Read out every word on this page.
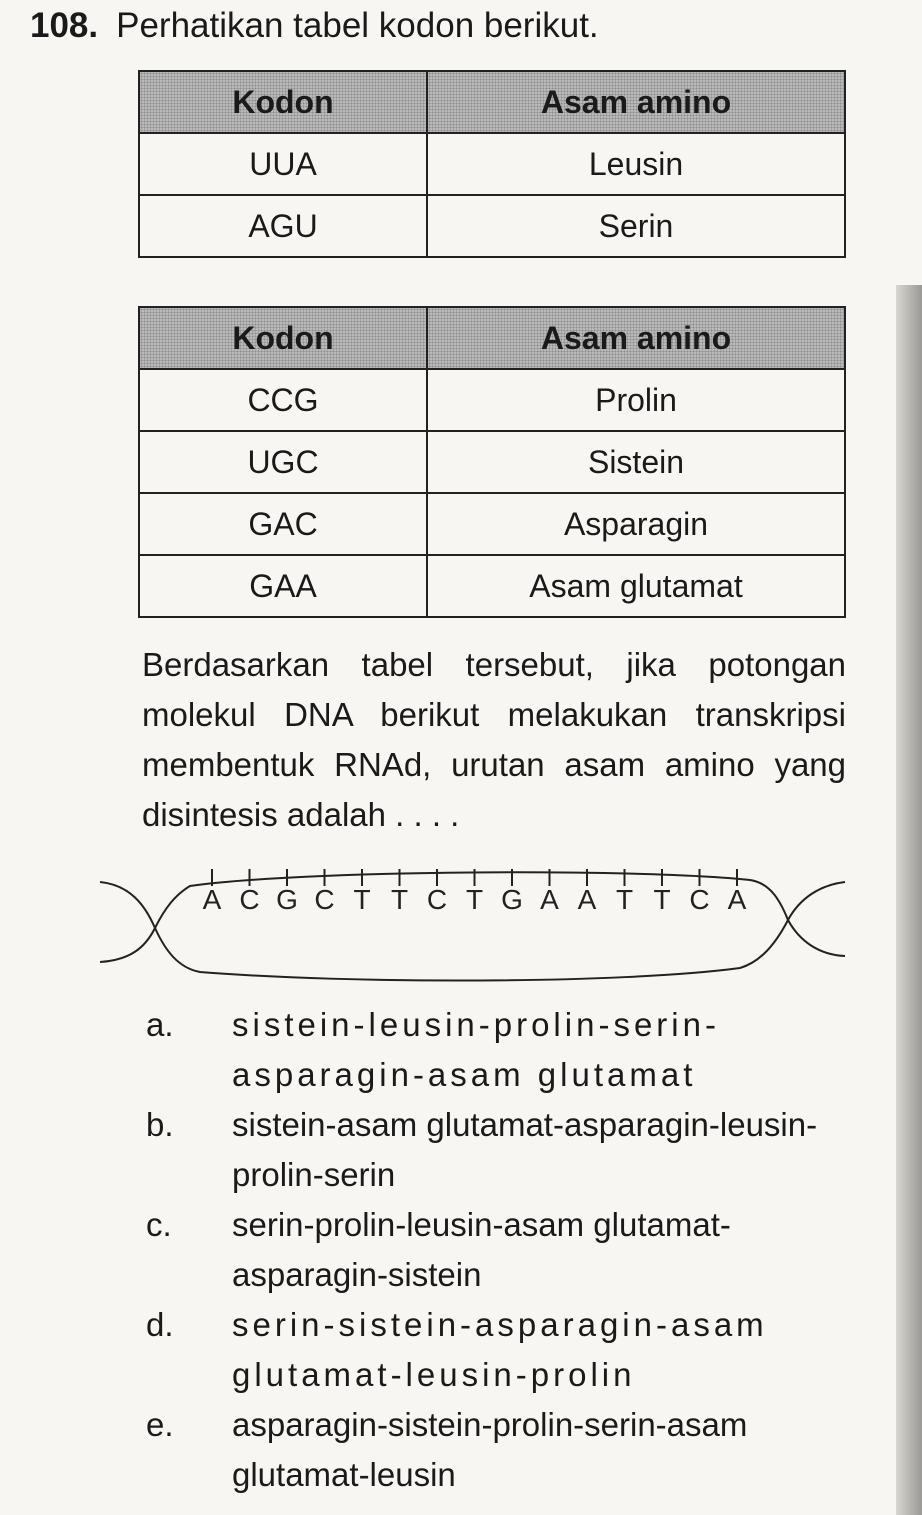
108. Perhatikan tabel kodon berikut.
Kodon	Asam amino
UUA	Leusin
AGU	Serin
Kodon	Asam amino
CCG	Prolin
UGC	Sistein
GAC	Asparagin
GAA	Asam glutamat
Berdasarkan tabel tersebut, jika potongan molekul DNA berikut melakukan transkripsi membentuk RNAd, urutan asam amino yang disintesis adalah . . . .
A C G C T T C T G A A T T C A
a.	sistein-leusin-prolin-serin-asparagin-asam glutamat
b.	sistein-asam glutamat-asparagin-leusin-prolin-serin
c.	serin-prolin-leusin-asam glutamat-asparagin-sistein
d.	serin-sistein-asparagin-asam glutamat-leusin-prolin
e.	asparagin-sistein-prolin-serin-asam glutamat-leusin
